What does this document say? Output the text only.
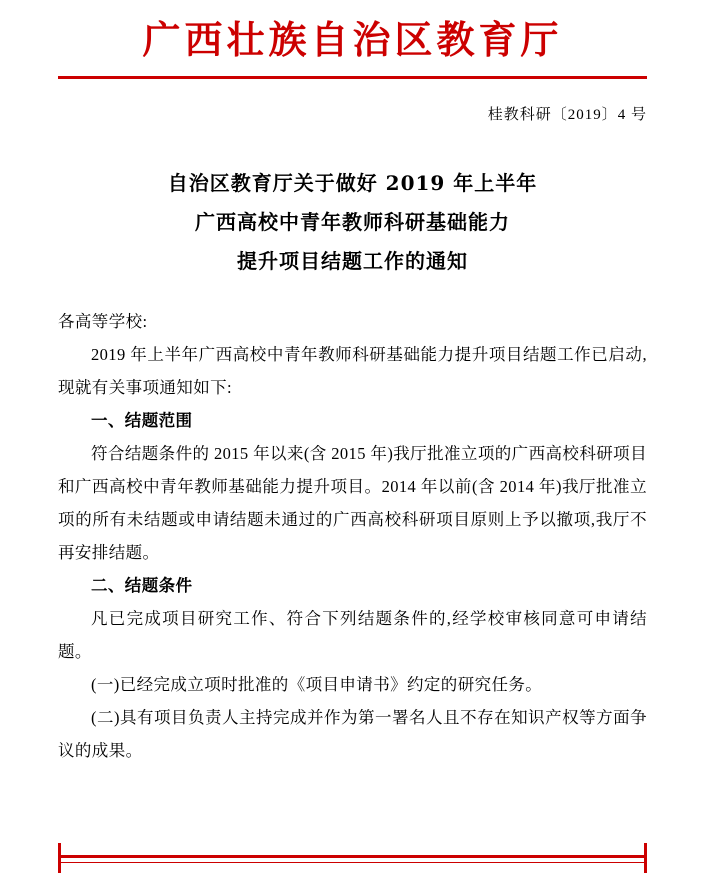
广西壮族自治区教育厅
桂教科研〔2019〕4 号
自治区教育厅关于做好 2019 年上半年
广西高校中青年教师科研基础能力
提升项目结题工作的通知

各高等学校:

2019 年上半年广西高校中青年教师科研基础能力提升项目结题工作已启动,现就有关事项通知如下:

一、结题范围

符合结题条件的 2015 年以来(含 2015 年)我厅批准立项的广西高校科研项目和广西高校中青年教师基础能力提升项目。2014 年以前(含 2014 年)我厅批准立项的所有未结题或申请结题未通过的广西高校科研项目原则上予以撤项,我厅不再安排结题。

二、结题条件

凡已完成项目研究工作、符合下列结题条件的,经学校审核同意可申请结题。

(一)已经完成立项时批准的《项目申请书》约定的研究任务。

(二)具有项目负责人主持完成并作为第一署名人且不存在知识产权等方面争议的成果。
